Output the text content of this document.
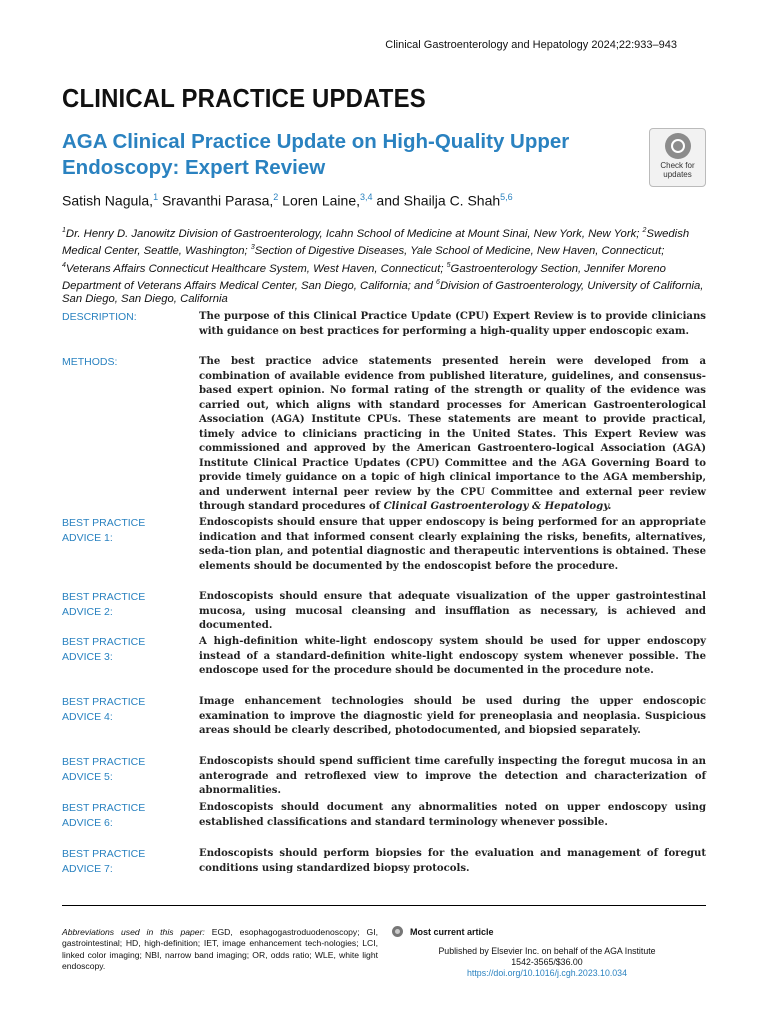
Clinical Gastroenterology and Hepatology 2024;22:933–943
CLINICAL PRACTICE UPDATES
AGA Clinical Practice Update on High-Quality Upper Endoscopy: Expert Review	Check for
updates
Satish Nagula,$^1$ Sravanthi Parasa,$^2$ Loren Laine,$^{3,4}$ and Shailja C. Shah$^{5,6}$
$^1$Dr. Henry D. Janowitz Division of Gastroenterology, Icahn School of Medicine at Mount Sinai, New York, New York; $^2$Swedish Medical Center, Seattle, Washington; $^3$Section of Digestive Diseases, Yale School of Medicine, New Haven, Connecticut; $^4$Veterans Affairs Connecticut Healthcare System, West Haven, Connecticut; $^5$Gastroenterology Section, Jennifer Moreno Department of Veterans Affairs Medical Center, San Diego, California; and $^6$Division of Gastroenterology, University of California, San Diego, San Diego, California
DESCRIPTION:	The purpose of this Clinical Practice Update (CPU) Expert Review is to provide clinicians with guidance on best practices for performing a high-quality upper endoscopic exam.
METHODS:	The best practice advice statements presented herein were developed from a combination of available evidence from published literature, guidelines, and consensus-based expert opinion. No formal rating of the strength or quality of the evidence was carried out, which aligns with standard processes for American Gastroenterological Association (AGA) Institute CPUs. These statements are meant to provide practical, timely advice to clinicians practicing in the United States. This Expert Review was commissioned and approved by the American Gastroentero-logical Association (AGA) Institute Clinical Practice Updates (CPU) Committee and the AGA Governing Board to provide timely guidance on a topic of high clinical importance to the AGA membership, and underwent internal peer review by the CPU Committee and external peer review through standard procedures of Clinical Gastroenterology & Hepatology.
BEST PRACTICE
ADVICE 1:
Endoscopists should ensure that upper endoscopy is being performed for an appropriate indication and that informed consent clearly explaining the risks, benefits, alternatives, seda-tion plan, and potential diagnostic and therapeutic interventions is obtained. These elements should be documented by the endoscopist before the procedure.
BEST PRACTICE
ADVICE 2:
Endoscopists should ensure that adequate visualization of the upper gastrointestinal mucosa, using mucosal cleansing and insufflation as necessary, is achieved and documented.
BEST PRACTICE
ADVICE 3:
A high-definition white-light endoscopy system should be used for upper endoscopy instead of a standard-definition white-light endoscopy system whenever possible. The endoscope used for the procedure should be documented in the procedure note.
BEST PRACTICE
ADVICE 4:
Image enhancement technologies should be used during the upper endoscopic examination to improve the diagnostic yield for preneoplasia and neoplasia. Suspicious areas should be clearly described, photodocumented, and biopsied separately.
BEST PRACTICE
ADVICE 5:
Endoscopists should spend sufficient time carefully inspecting the foregut mucosa in an anterograde and retroflexed view to improve the detection and characterization of abnormalities.
BEST PRACTICE
ADVICE 6:
Endoscopists should document any abnormalities noted on upper endoscopy using established classifications and standard terminology whenever possible.
BEST PRACTICE
ADVICE 7:
Endoscopists should perform biopsies for the evaluation and management of foregut conditions using standardized biopsy protocols.
Abbreviations used in this paper: EGD, esophagogastroduodenoscopy; GI, gastrointestinal; HD, high-definition; IET, image enhancement tech-nologies; LCI, linked color imaging; NBI, narrow band imaging; OR, odds ratio; WLE, white light endoscopy.
Most current article
Published by Elsevier Inc. on behalf of the AGA Institute
1542-3565/$36.00
https://doi.org/10.1016/j.cgh.2023.10.034
